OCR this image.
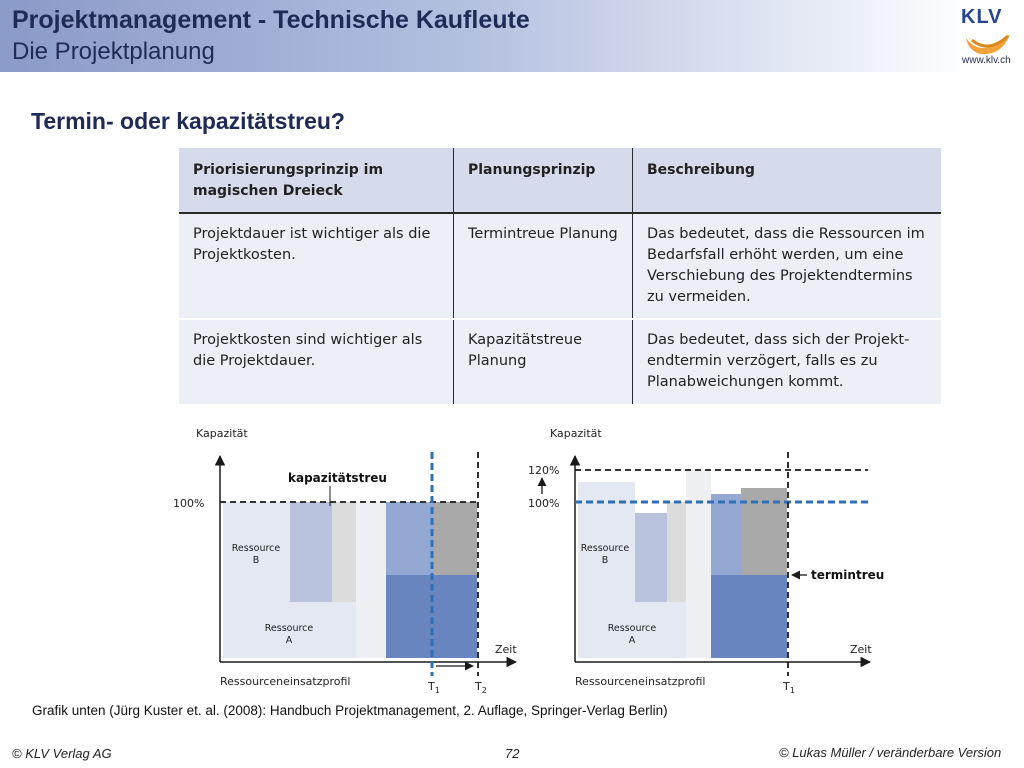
Projektmanagement - Technische Kaufleute
Die Projektplanung
KLV
www.klv.ch
Termin- oder kapazitätstreu?
Priorisierungsprinzip im magischen Dreieck	Planungsprinzip	Beschreibung
Projektdauer ist wichtiger als die Projektkosten.	Termintreue Planung	Das bedeutet, dass die Ressourcen im Bedarfsfall erhöht werden, um eine Verschiebung des Projektendtermins zu vermeiden.
Projektkosten sind wichtiger als die Projektdauer.	Kapazitätstreue Planung	Das bedeutet, dass sich der Projektendtermin verzögert, falls es zu Planabweichungen kommt.
Kapazität
100%
kapazitätstreu
Ressource B
Ressource A
Zeit
Ressourceneinsatzprofil	$T_1$	$T_2$
Kapazität
120%
100%
termintreu
Ressource B
Ressource A
Zeit
Ressourceneinsatzprofil	$T_1$
Grafik unten (Jürg Kuster et. al. (2008): Handbuch Projektmanagement, 2. Auflage, Springer-Verlag Berlin)
© KLV Verlag AG	72	© Lukas Müller / veränderbare Version
